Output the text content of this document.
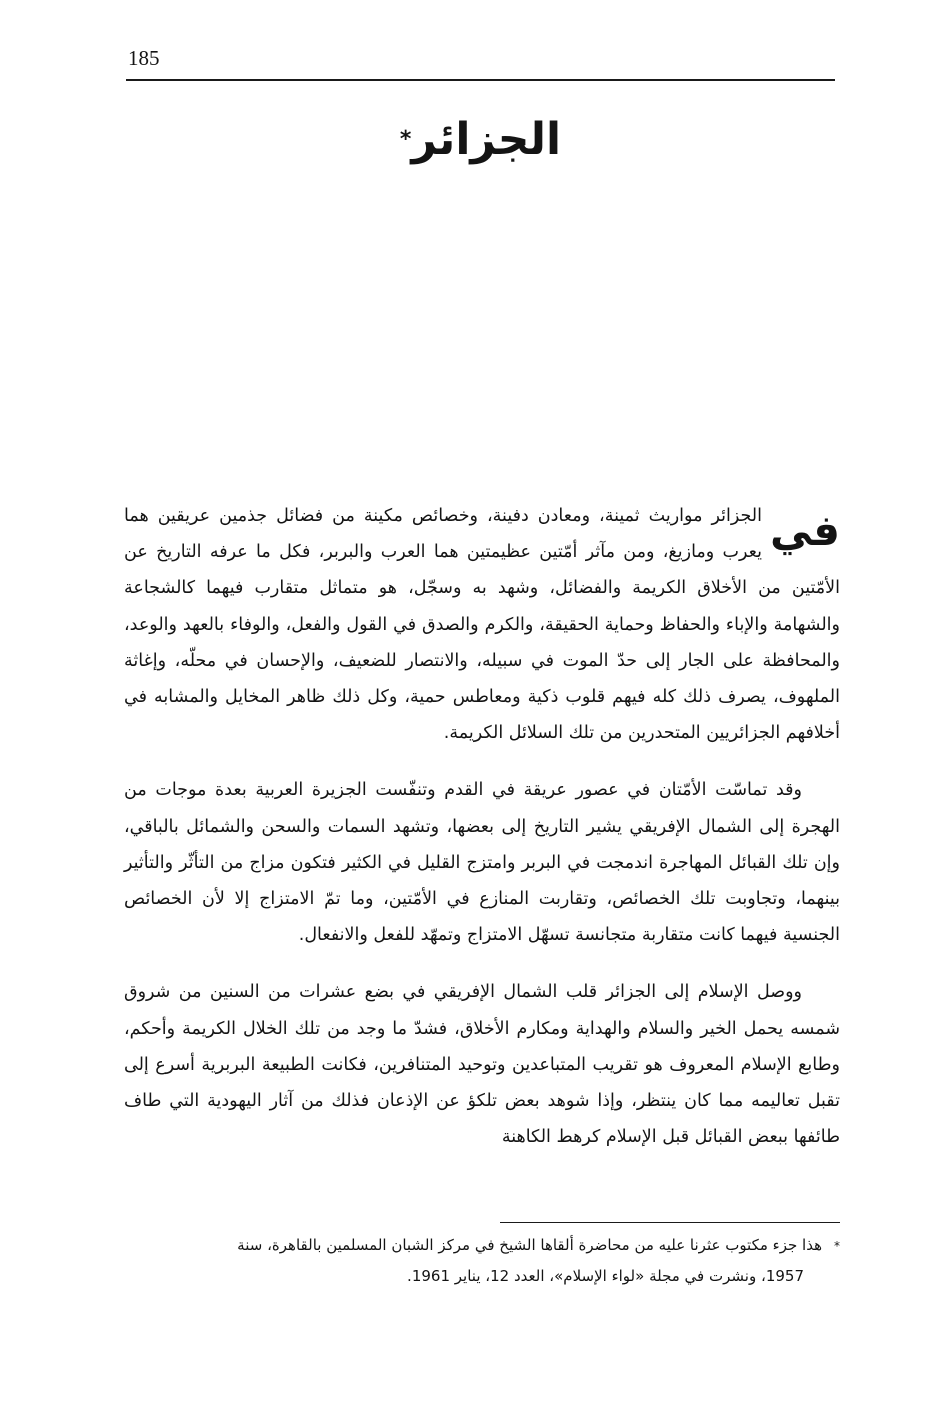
185
الجزائر*

في
الجزائر مواريث ثمينة، ومعادن دفينة، وخصائص مكينة من فضائل جذمين عريقين هما يعرب ومازيغ، ومن مآثر أمّتين عظيمتين هما العرب والبربر، فكل ما عرفه التاريخ عن الأمّتين من الأخلاق الكريمة والفضائل، وشهد به وسجّل، هو متماثل متقارب فيهما كالشجاعة والشهامة والإباء والحفاظ وحماية الحقيقة، والكرم والصدق في القول والفعل، والوفاء بالعهد والوعد، والمحافظة على الجار إلى حدّ الموت في سبيله، والانتصار للضعيف، والإحسان في محلّه، وإغاثة الملهوف، يصرف ذلك كله فيهم قلوب ذكية ومعاطس حمية، وكل ذلك ظاهر المخايل والمشابه في أخلافهم الجزائريين المتحدرين من تلك السلائل الكريمة.

وقد تماسّت الأمّتان في عصور عريقة في القدم وتنفّست الجزيرة العربية بعدة موجات من الهجرة إلى الشمال الإفريقي يشير التاريخ إلى بعضها، وتشهد السمات والسحن والشمائل بالباقي، وإن تلك القبائل المهاجرة اندمجت في البربر وامتزج القليل في الكثير فتكون مزاج من التأثّر والتأثير بينهما، وتجاوبت تلك الخصائص، وتقاربت المنازع في الأمّتين، وما تمّ الامتزاج إلا لأن الخصائص الجنسية فيهما كانت متقاربة متجانسة تسهّل الامتزاج وتمهّد للفعل والانفعال.

ووصل الإسلام إلى الجزائر قلب الشمال الإفريقي في بضع عشرات من السنين من شروق شمسه يحمل الخير والسلام والهداية ومكارم الأخلاق، فشدّ ما وجد من تلك الخلال الكريمة وأحكم، وطابع الإسلام المعروف هو تقريب المتباعدين وتوحيد المتنافرين، فكانت الطبيعة البربرية أسرع إلى تقبل تعاليمه مما كان ينتظر، وإذا شوهد بعض تلكؤ عن الإذعان فذلك من آثار اليهودية التي طاف طائفها ببعض القبائل قبل الإسلام كرهط الكاهنة

*هذا جزء مكتوب عثرنا عليه من محاضرة ألقاها الشيخ في مركز الشبان المسلمين بالقاهرة، سنة
1957، ونشرت في مجلة «لواء الإسلام»، العدد 12، يناير 1961.
